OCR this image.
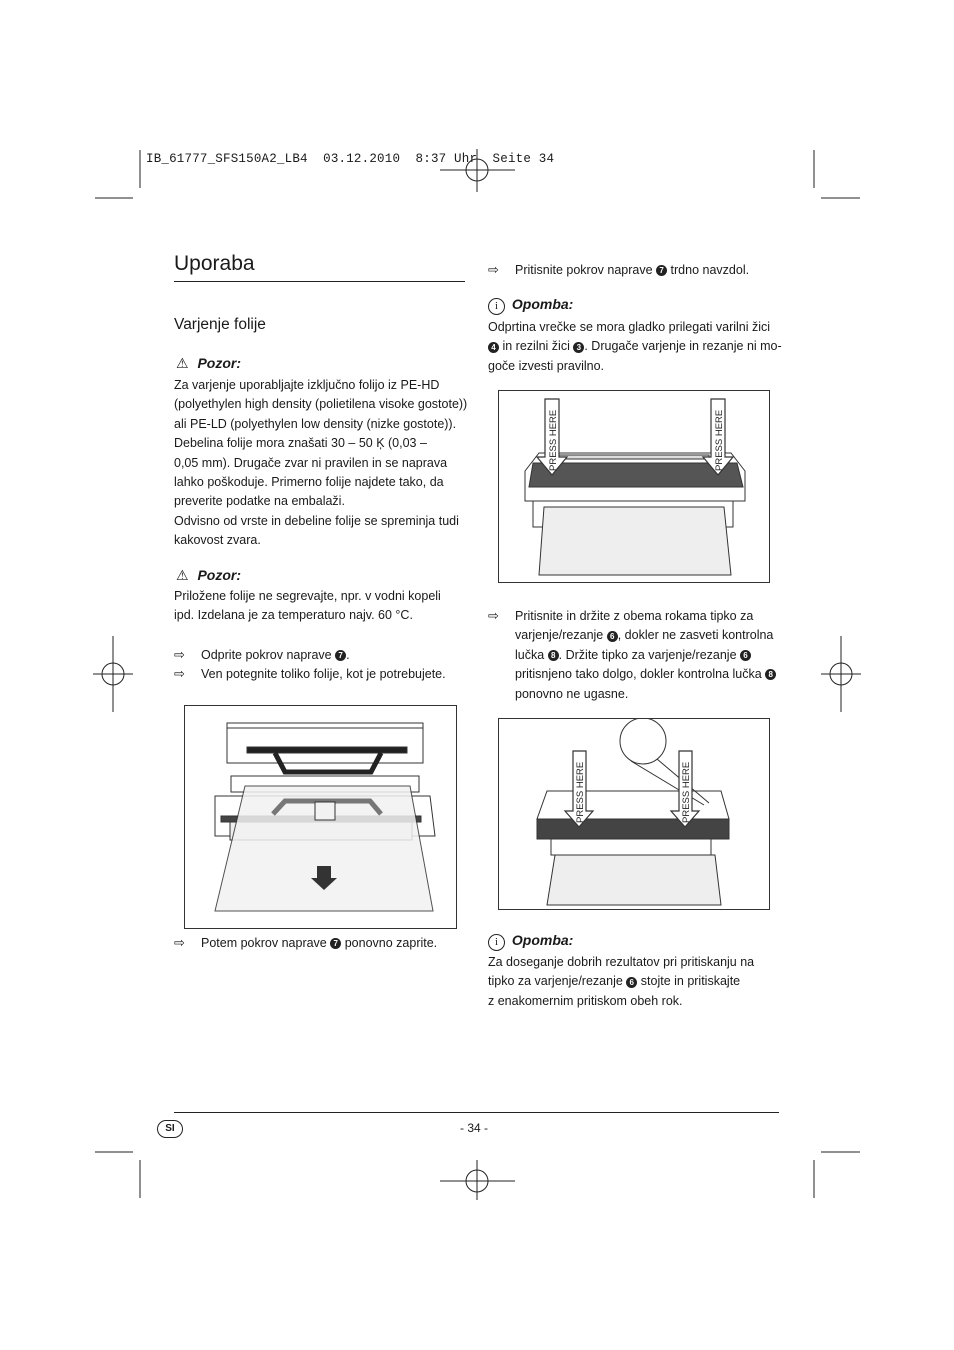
IB_61777_SFS150A2_LB4  03.12.2010  8:37 Uhr  Seite 34
Uporaba
Varjenje folije
⚠ Pozor:
Za varjenje uporabljajte izključno folijo iz PE-HD
(polyethylen high density (polietilena visoke gostote))
ali PE-LD (polyethylen low density (nizke gostote)).
Debelina folije mora znašati 30 – 50 Ķ (0,03 –
0,05 mm). Drugače zvar ni pravilen in se naprava
lahko poškoduje. Primerno folije najdete tako, da
preverite podatke na embalaži.
Odvisno od vrste in debeline folije se spreminja tudi
kakovost zvara.
⚠ Pozor:
Priložene folije ne segrevajte, npr. v vodni kopeli
ipd. Izdelana je za temperaturo najv. 60 °C.
⇨ Odprite pokrov naprave 7 .
⇨ Ven potegnite toliko folije, kot je potrebujete.
⇨ Potem pokrov naprave 7 ponovno zaprite.
⇨ Pritisnite pokrov naprave 7 trdno navzdol.
i Opomba:
Odprtina vrečke se mora gladko prilegati varilni žici
4 in rezilni žici 3 . Drugače varjenje in rezanje ni mo-
goče izvesti pravilno.
PRESS HERE	PRESS HERE
⇨ Pritisnite in držite z obema rokama tipko za
varjenje/rezanje 6 , dokler ne zasveti kontrolna
lučka 8 . Držite tipko za varjenje/rezanje 6
pritisnjeno tako dolgo, dokler kontrolna lučka 8
ponovno ne ugasne.
PRESS HERE	PRESS HERE
i Opomba:
Za doseganje dobrih rezultatov pri pritiskanju na
tipko za varjenje/rezanje 6 stojte in pritiskajte
z enakomernim pritiskom obeh rok.
SI	- 34 -
